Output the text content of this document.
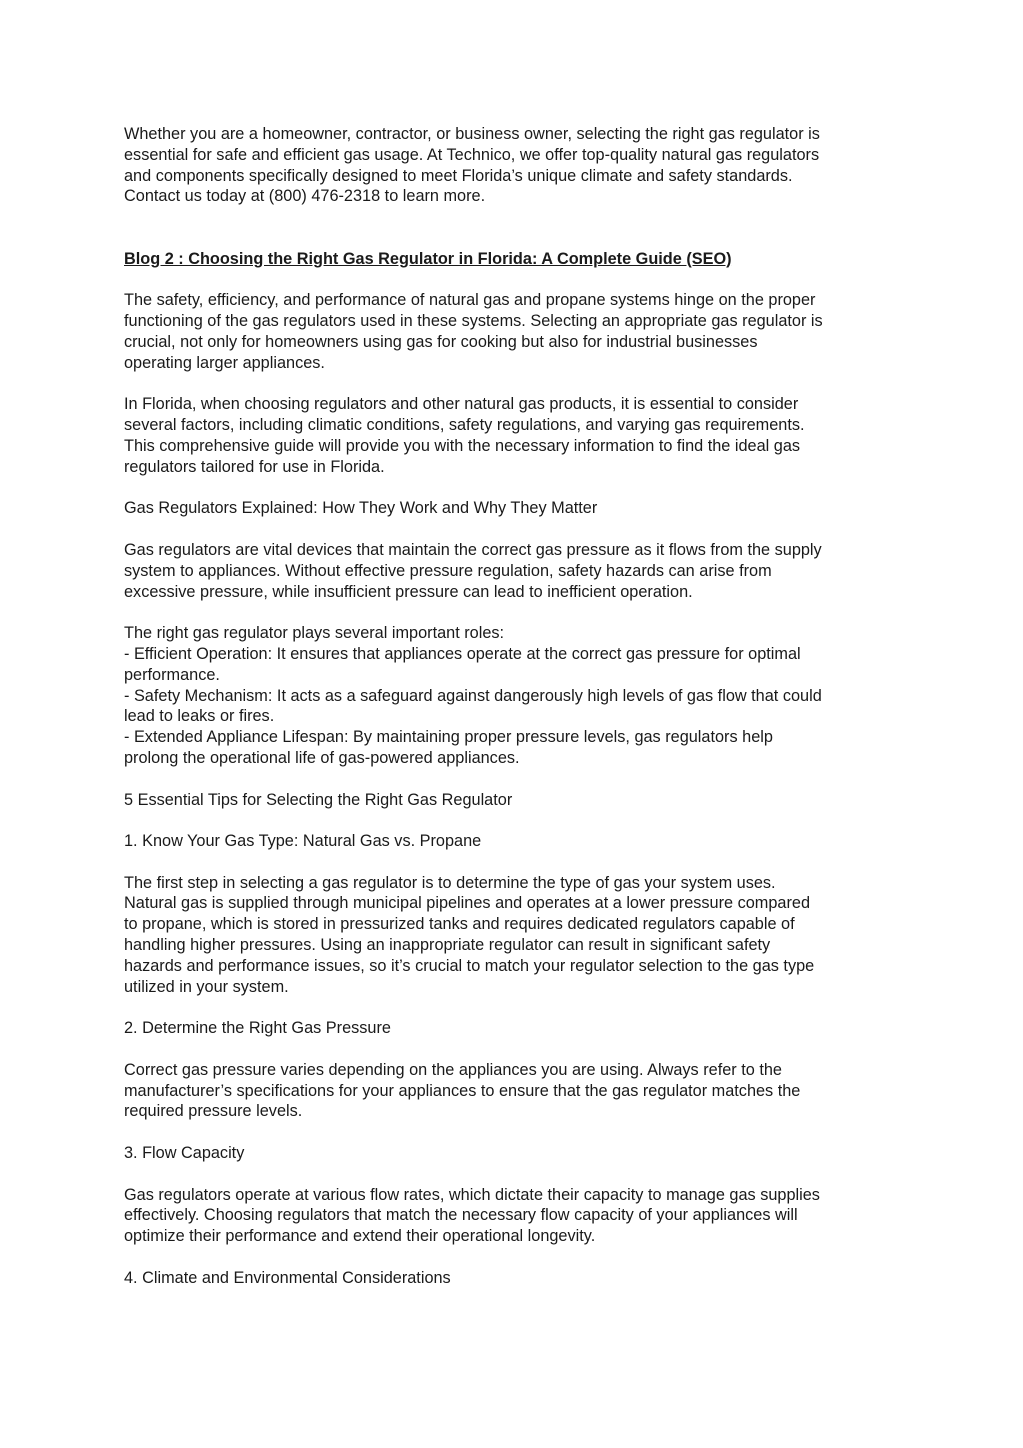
Whether you are a homeowner, contractor, or business owner, selecting the right gas regulator is
essential for safe and efficient gas usage. At Technico, we offer top-quality natural gas regulators
and components specifically designed to meet Florida’s unique climate and safety standards.
Contact us today at (800) 476-2318 to learn more.

Blog 2 : Choosing the Right Gas Regulator in Florida: A Complete Guide (SEO)

The safety, efficiency, and performance of natural gas and propane systems hinge on the proper
functioning of the gas regulators used in these systems. Selecting an appropriate gas regulator is
crucial, not only for homeowners using gas for cooking but also for industrial businesses
operating larger appliances.

In Florida, when choosing regulators and other natural gas products, it is essential to consider
several factors, including climatic conditions, safety regulations, and varying gas requirements.
This comprehensive guide will provide you with the necessary information to find the ideal gas
regulators tailored for use in Florida.

Gas Regulators Explained: How They Work and Why They Matter

Gas regulators are vital devices that maintain the correct gas pressure as it flows from the supply
system to appliances. Without effective pressure regulation, safety hazards can arise from
excessive pressure, while insufficient pressure can lead to inefficient operation.

The right gas regulator plays several important roles:
- Efficient Operation: It ensures that appliances operate at the correct gas pressure for optimal
performance.
- Safety Mechanism: It acts as a safeguard against dangerously high levels of gas flow that could
lead to leaks or fires.
- Extended Appliance Lifespan: By maintaining proper pressure levels, gas regulators help
prolong the operational life of gas-powered appliances.

5 Essential Tips for Selecting the Right Gas Regulator

1. Know Your Gas Type: Natural Gas vs. Propane

The first step in selecting a gas regulator is to determine the type of gas your system uses.
Natural gas is supplied through municipal pipelines and operates at a lower pressure compared
to propane, which is stored in pressurized tanks and requires dedicated regulators capable of
handling higher pressures. Using an inappropriate regulator can result in significant safety
hazards and performance issues, so it’s crucial to match your regulator selection to the gas type
utilized in your system.

2. Determine the Right Gas Pressure

Correct gas pressure varies depending on the appliances you are using. Always refer to the
manufacturer’s specifications for your appliances to ensure that the gas regulator matches the
required pressure levels.

3. Flow Capacity

Gas regulators operate at various flow rates, which dictate their capacity to manage gas supplies
effectively. Choosing regulators that match the necessary flow capacity of your appliances will
optimize their performance and extend their operational longevity.

4. Climate and Environmental Considerations
